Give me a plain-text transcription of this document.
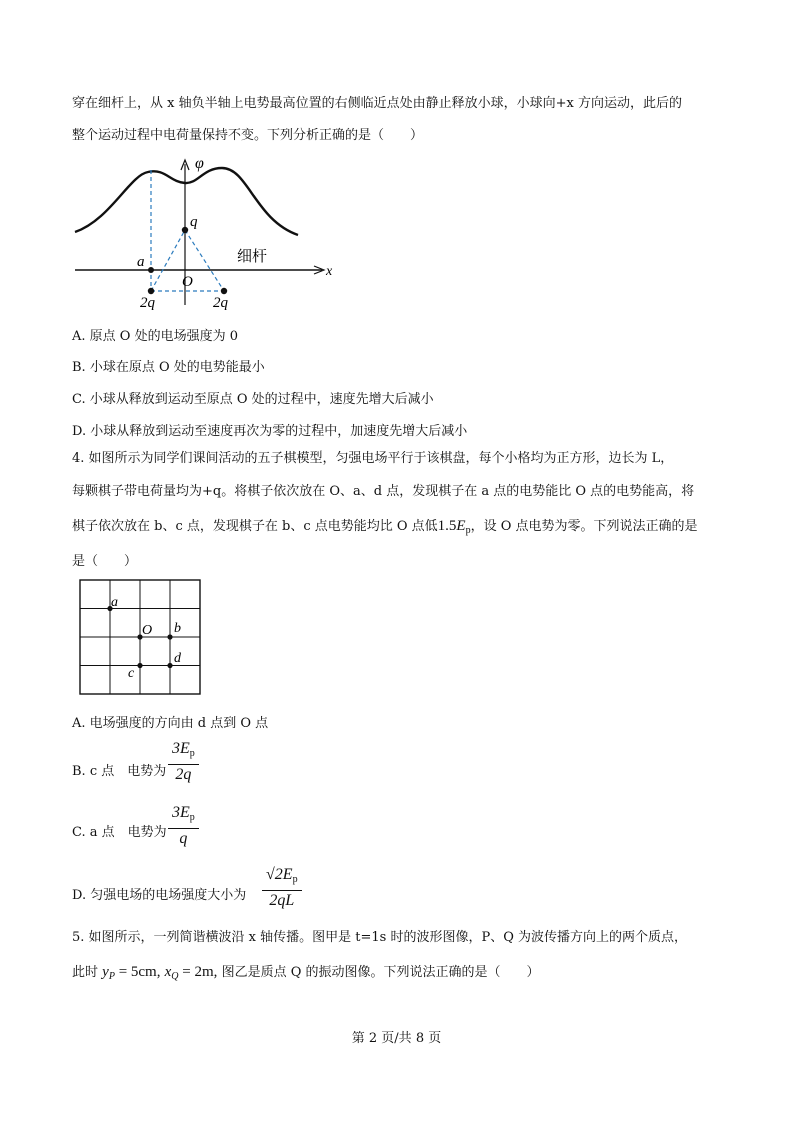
穿在细杆上，从 x 轴负半轴上电势最高位置的右侧临近点处由静止释放小球，小球向+x 方向运动，此后的
整个运动过程中电荷量保持不变。下列分析正确的是（　　）
φ
x
q
a
O
2q	2q
细杆
A. 原点 O 处的电场强度为 0
B. 小球在原点 O 处的电势能最小
C. 小球从释放到运动至原点 O 处的过程中，速度先增大后减小
D. 小球从释放到运动至速度再次为零的过程中，加速度先增大后减小
4. 如图所示为同学们课间活动的五子棋模型，匀强电场平行于该棋盘，每个小格均为正方形，边长为 L，
每颗棋子带电荷量均为+q。将棋子依次放在 O、a、d 点，发现棋子在 a 点的电势能比 O 点的电势能高，将
棋子依次放在 b、c 点，发现棋子在 b、c 点电势能均比 O 点低$1.5E_p$，设 O 点电势为零。下列说法正确的是
是（　　）
a
O b
d
c
A. 电场强度的方向由 d 点到 O 点
B. c 点　电势为 $\frac{3E_p}{2q}$
C. a 点　电势为 $\frac{3E_p}{q}$
D. 匀强电场的电场强度大小为 $\frac{√2E_p}{2qL}$
5. 如图所示，一列简谐横波沿 x 轴传播。图甲是 t=1s 时的波形图像，P、Q 为波传播方向上的两个质点，
此时 $y_P = 5cm$, $x_Q = 2m$, 图乙是质点 Q 的振动图像。下列说法正确的是（　　）
第 2 页/共 8 页
